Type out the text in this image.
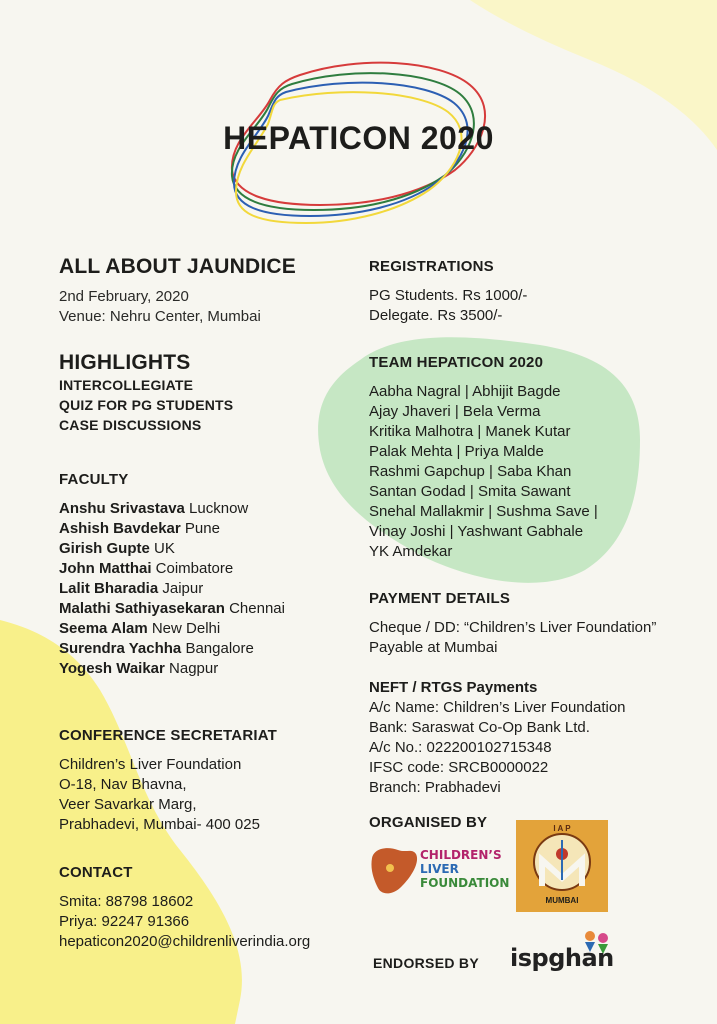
HEPATICON 2020
ALL ABOUT JAUNDICE
2nd February, 2020
Venue: Nehru Center, Mumbai
HIGHLIGHTS
INTERCOLLEGIATE
QUIZ FOR PG STUDENTS
CASE DISCUSSIONS
FACULTY
Anshu Srivastava Lucknow
Ashish Bavdekar Pune
Girish Gupte UK
John Matthai Coimbatore
Lalit Bharadia Jaipur
Malathi Sathiyasekaran Chennai
Seema Alam New Delhi
Surendra Yachha Bangalore
Yogesh Waikar Nagpur
CONFERENCE SECRETARIAT
Children’s Liver Foundation
O-18, Nav Bhavna,
Veer Savarkar Marg,
Prabhadevi, Mumbai- 400 025
CONTACT
Smita: 88798 18602
Priya: 92247 91366
hepaticon2020@childrenliverindia.org
REGISTRATIONS
PG Students. Rs 1000/-
Delegate. Rs 3500/-
TEAM HEPATICON 2020
Aabha Nagral | Abhijit Bagde
Ajay Jhaveri | Bela Verma
Kritika Malhotra | Manek Kutar
Palak Mehta | Priya Malde
Rashmi Gapchup | Saba Khan
Santan Godad | Smita Sawant
Snehal Mallakmir | Sushma Save |
Vinay Joshi | Yashwant Gabhale
YK Amdekar
PAYMENT DETAILS
Cheque / DD: “Children’s Liver Foundation”
Payable at Mumbai
NEFT / RTGS Payments
A/c Name: Children’s Liver Foundation
Bank: Saraswat Co-Op Bank Ltd.
A/c No.: 022200102715348
IFSC code: SRCB0000022
Branch: Prabhadevi
ORGANISED BY
CHILDREN’S
LIVER
FOUNDATION
I A P
MUMBAI
ENDORSED BY ispghan
